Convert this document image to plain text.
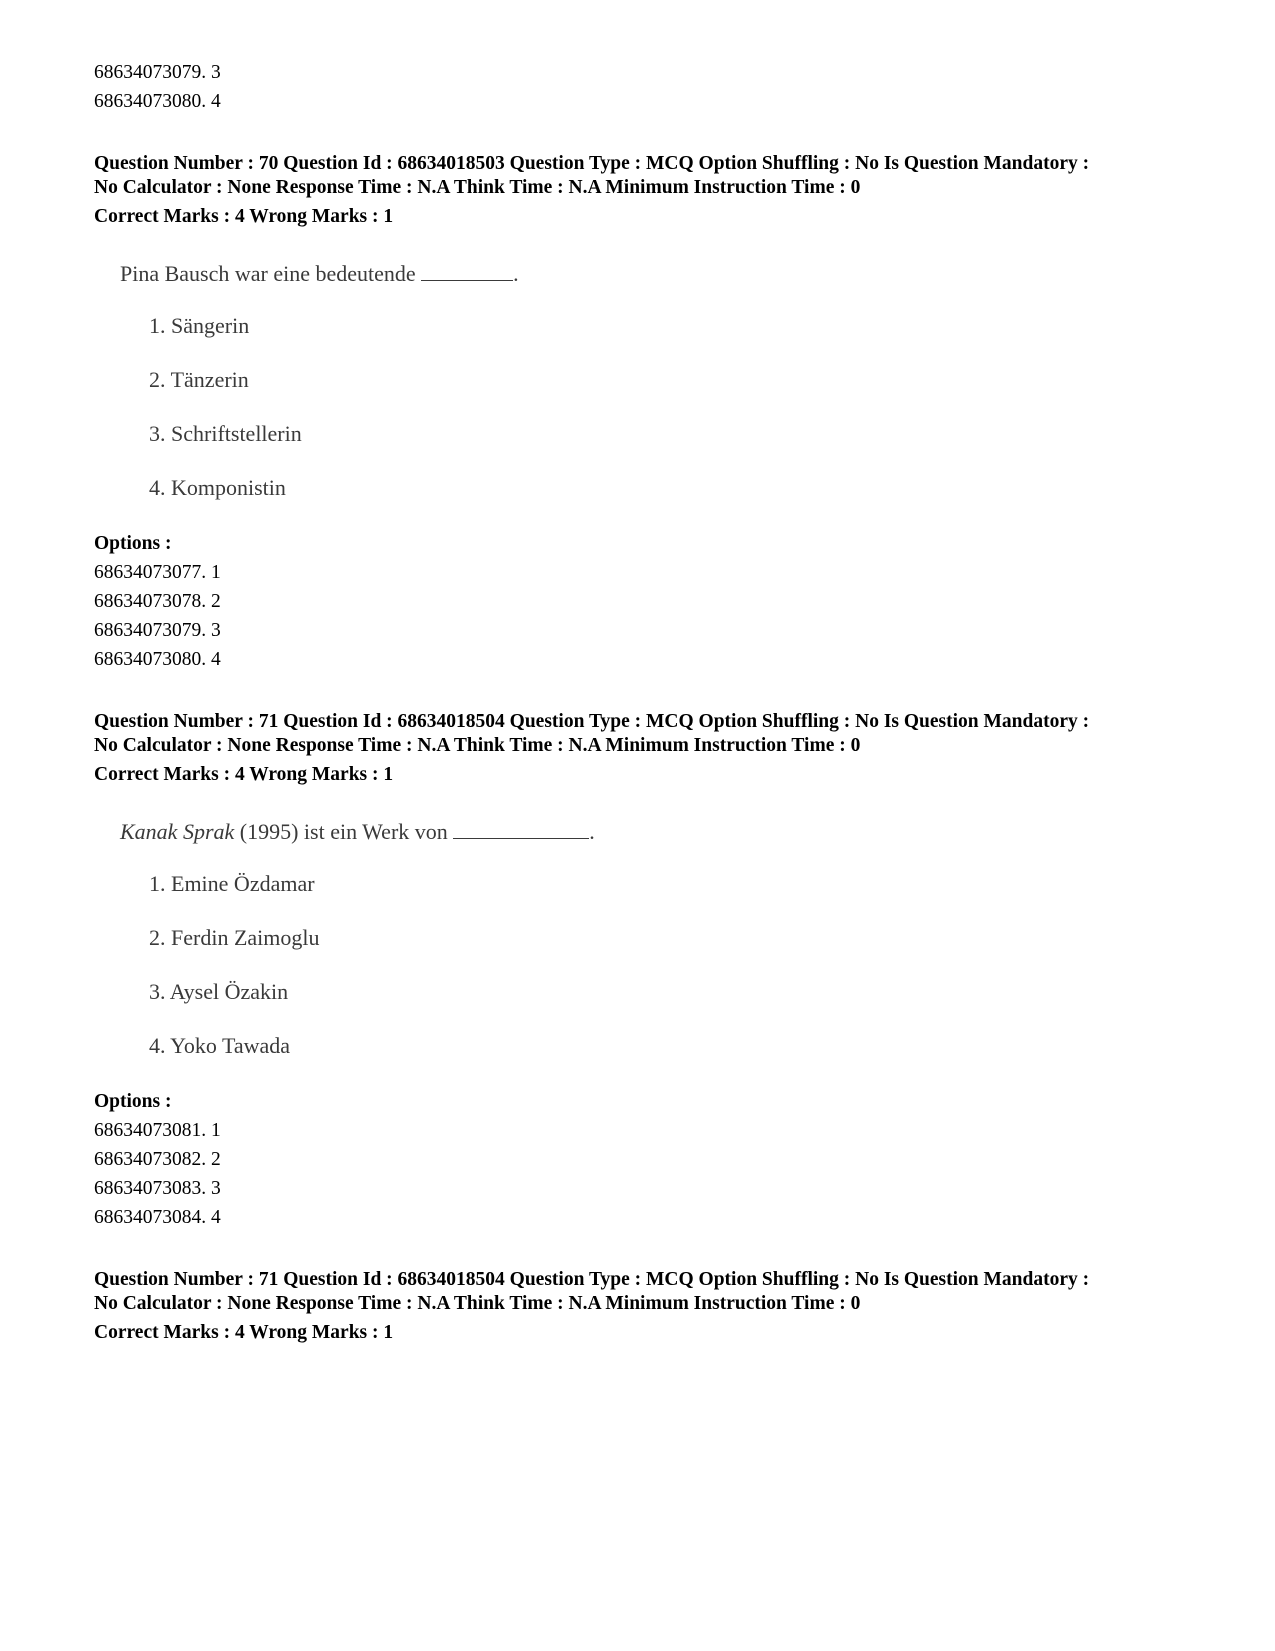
68634073079. 3

68634073080. 4

Question Number : 70 Question Id : 68634018503 Question Type : MCQ Option Shuffling : No Is Question Mandatory :

No Calculator : None Response Time : N.A Think Time : N.A Minimum Instruction Time : 0

Correct Marks : 4 Wrong Marks : 1

Pina Bausch war eine bedeutende	.

1. Sängerin
2. Tänzerin
3. Schriftstellerin
4. Komponistin

Options :

68634073077. 1

68634073078. 2

68634073079. 3

68634073080. 4

Question Number : 71 Question Id : 68634018504 Question Type : MCQ Option Shuffling : No Is Question Mandatory :

No Calculator : None Response Time : N.A Think Time : N.A Minimum Instruction Time : 0

Correct Marks : 4 Wrong Marks : 1

Kanak Sprak (1995) ist ein Werk von	.

1. Emine Özdamar
2. Ferdin Zaimoglu
3. Aysel Özakin
4. Yoko Tawada

Options :

68634073081. 1

68634073082. 2

68634073083. 3

68634073084. 4

Question Number : 71 Question Id : 68634018504 Question Type : MCQ Option Shuffling : No Is Question Mandatory :

No Calculator : None Response Time : N.A Think Time : N.A Minimum Instruction Time : 0

Correct Marks : 4 Wrong Marks : 1
